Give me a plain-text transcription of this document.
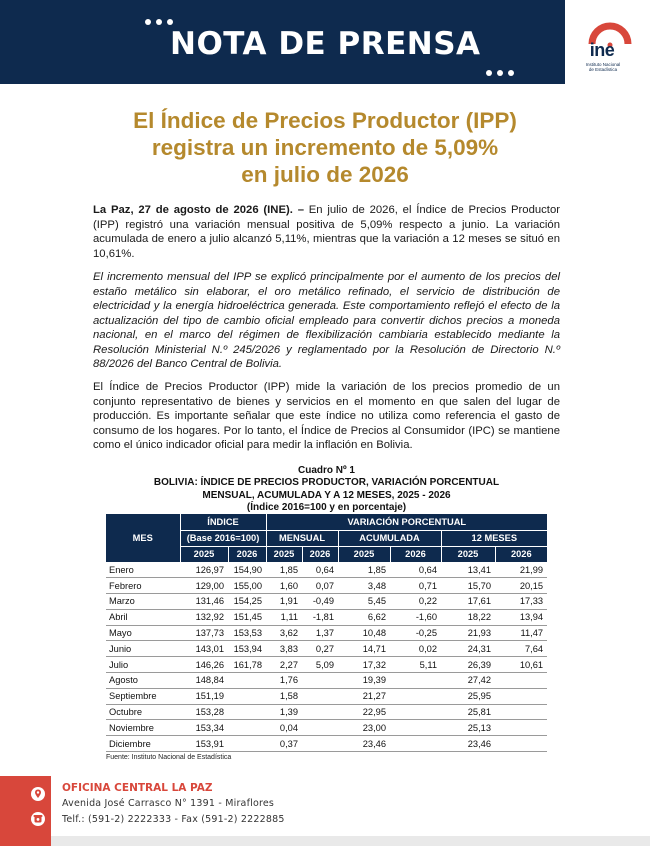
NOTA DE PRENSA	ine
Instituto Nacional
de Estadística
El Índice de Precios Productor (IPP)
registra un incremento de 5,09%
en julio de 2026

La Paz, 27 de agosto de 2026 (INE). – En julio de 2026, el Índice de Precios Productor (IPP) registró una variación mensual positiva de 5,09% respecto a junio. La variación acumulada de enero a julio alcanzó 5,11%, mientras que la variación a 12 meses se situó en 10,61%.

El incremento mensual del IPP se explicó principalmente por el aumento de los precios del estaño metálico sin elaborar, el oro metálico refinado, el servicio de distribución de electricidad y la energía hidroeléctrica generada. Este comportamiento reflejó el efecto de la actualización del tipo de cambio oficial empleado para convertir dichos precios a moneda nacional, en el marco del régimen de flexibilización cambiaria establecido mediante la Resolución Ministerial N.º 245/2026 y reglamentado por la Resolución de Directorio N.º 88/2026 del Banco Central de Bolivia.

El Índice de Precios Productor (IPP) mide la variación de los precios promedio de un conjunto representativo de bienes y servicios en el momento en que salen del lugar de producción. Es importante señalar que este índice no utiliza como referencia el gasto de consumo de los hogares. Por lo tanto, el Índice de Precios al Consumidor (IPC) se mantiene como el único indicador oficial para medir la inflación en Bolivia.

Cuadro Nº 1
BOLIVIA: ÍNDICE DE PRECIOS PRODUCTOR, VARIACIÓN PORCENTUAL
MENSUAL, ACUMULADA Y A 12 MESES, 2025 - 2026
(Índice 2016=100 y en porcentaje)
MES	ÍNDICE		VARIACIÓN PORCENTUAL					
	(Base 2016=100)		MENSUAL		ACUMULADA		12 MESES	
	2025	2026	2025	2026	2025	2026	2025	2026
Enero	126,97	154,90	1,85	0,64	1,85	0,64	13,41	21,99
Febrero	129,00	155,00	1,60	0,07	3,48	0,71	15,70	20,15
Marzo	131,46	154,25	1,91	-0,49	5,45	0,22	17,61	17,33
Abril	132,92	151,45	1,11	-1,81	6,62	-1,60	18,22	13,94
Mayo	137,73	153,53	3,62	1,37	10,48	-0,25	21,93	11,47
Junio	143,01	153,94	3,83	0,27	14,71	0,02	24,31	7,64
Julio	146,26	161,78	2,27	5,09	17,32	5,11	26,39	10,61
Agosto	148,84		1,76		19,39		27,42	
Septiembre	151,19		1,58		21,27		25,95	
Octubre	153,28		1,39		22,95		25,81	
Noviembre	153,34		0,04		23,00		25,13	
Diciembre	153,91		0,37		23,46		23,46	
Fuente: Instituto Nacional de Estadística
OFICINA CENTRAL LA PAZ
Avenida José Carrasco N° 1391 - Miraflores
Telf.: (591-2) 2222333 - Fax (591-2) 2222885
